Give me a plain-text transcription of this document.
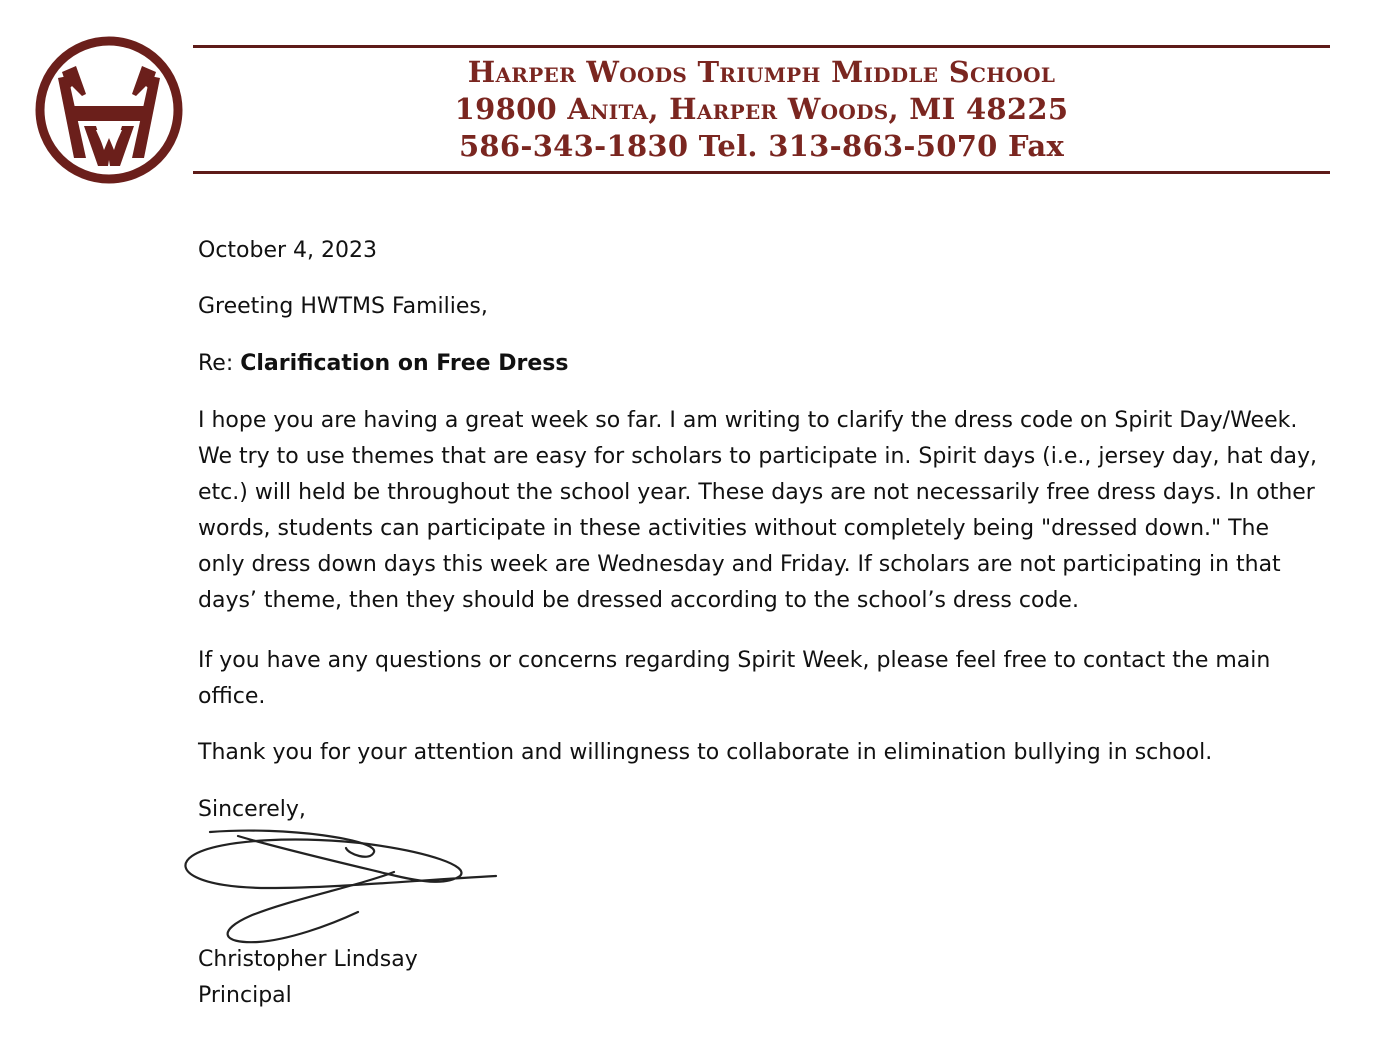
Harper Woods Triumph Middle School
19800 Anita, Harper Woods, MI 48225
586-343-1830 Tel. 313-863-5070 Fax
October 4, 2023
Greeting HWTMS Families,
Re: Clarification on Free Dress
I hope you are having a great week so far. I am writing to clarify the dress code on Spirit Day/Week.
We try to use themes that are easy for scholars to participate in. Spirit days (i.e., jersey day, hat day,
etc.) will held be throughout the school year. These days are not necessarily free dress days. In other
words, students can participate in these activities without completely being "dressed down." The
only dress down days this week are Wednesday and Friday. If scholars are not participating in that
days’ theme, then they should be dressed according to the school’s dress code.
If you have any questions or concerns regarding Spirit Week, please feel free to contact the main
office.
Thank you for your attention and willingness to collaborate in elimination bullying in school.
Sincerely,
Christopher Lindsay
Principal
